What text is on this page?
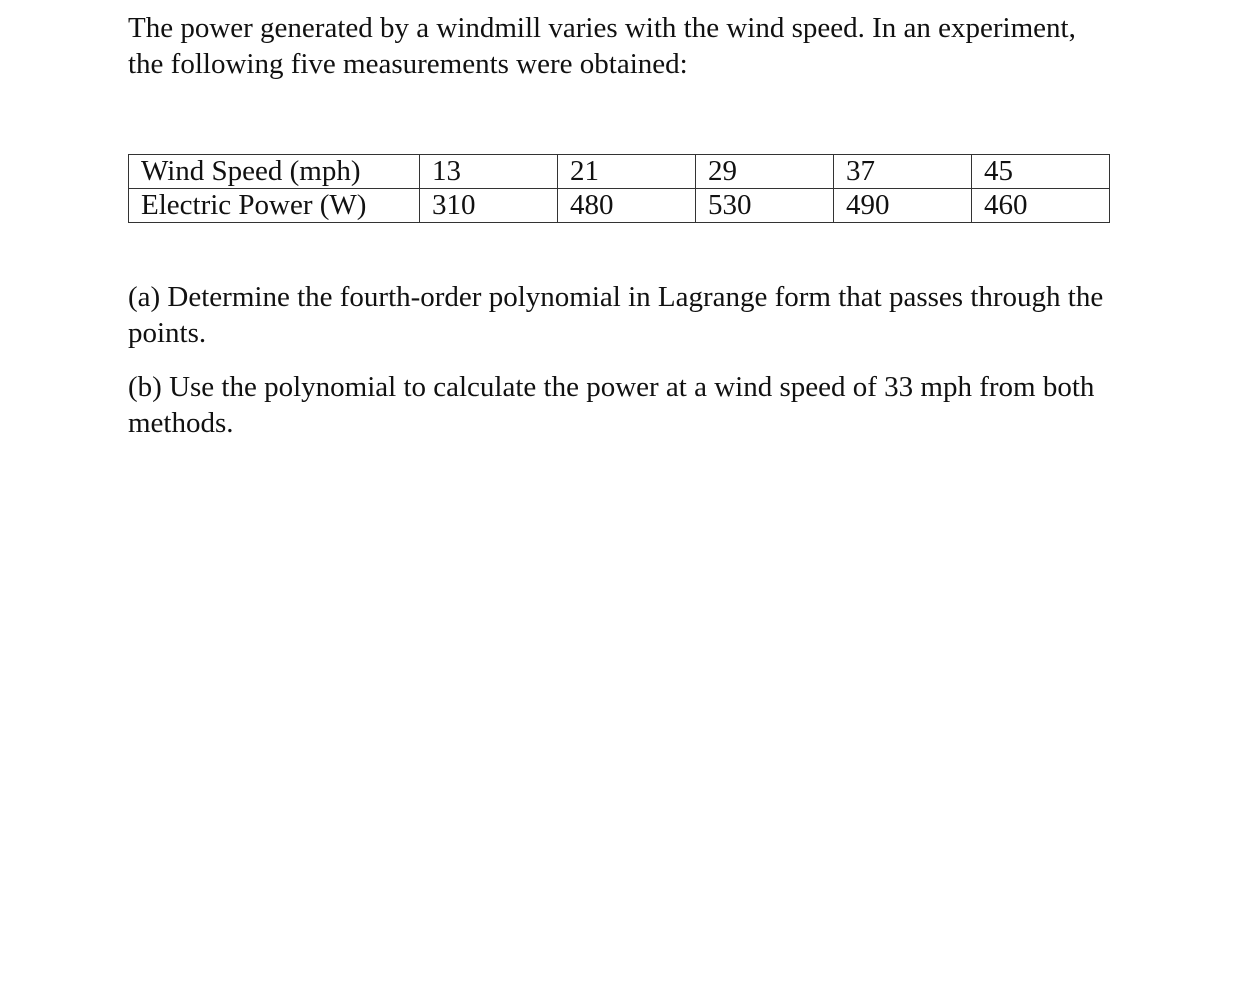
The power generated by a windmill varies with the wind speed. In an experiment, the following five measurements were obtained:

Wind Speed (mph)	13	21	29	37	45
Electric Power (W)	310	480	530	490	460

(a) Determine the fourth-order polynomial in Lagrange form that passes through the points.

(b) Use the polynomial to calculate the power at a wind speed of 33 mph from both methods.
